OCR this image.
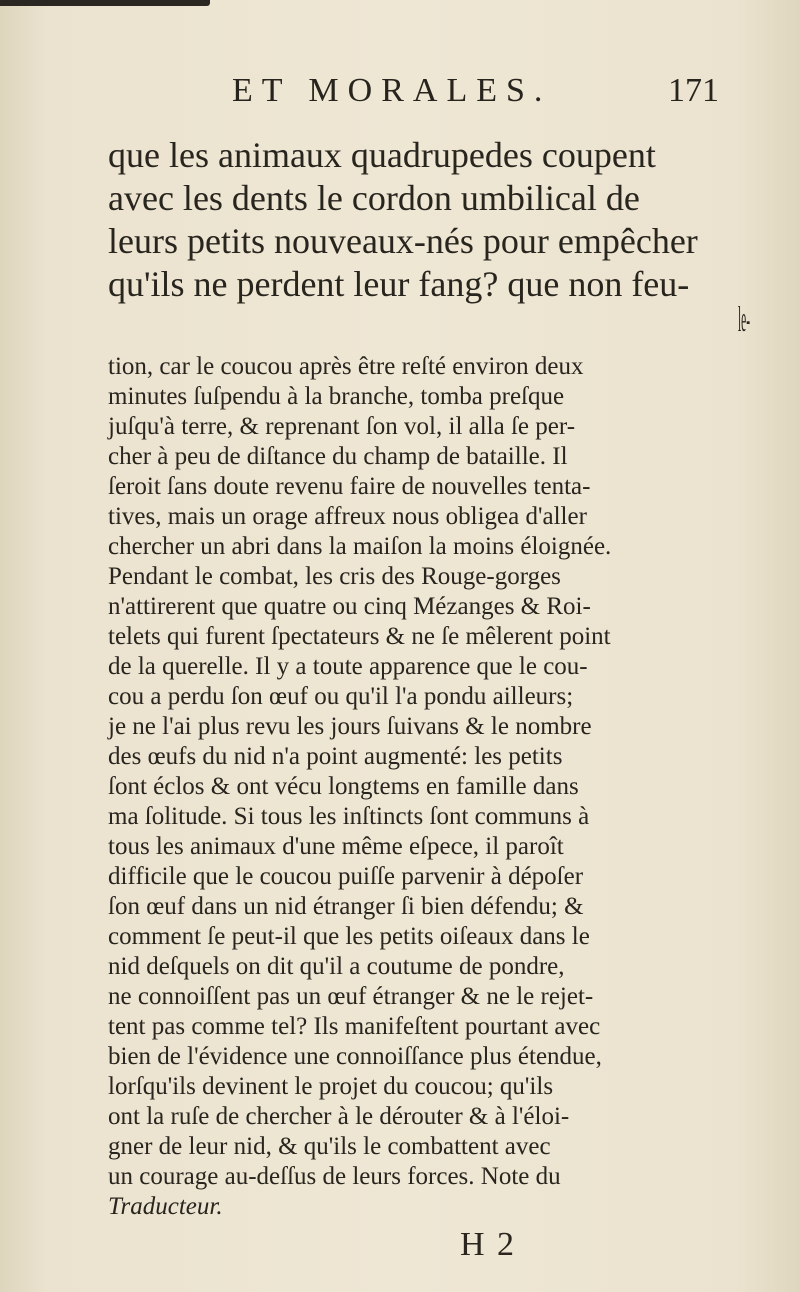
ET MORALES.	171
que les animaux quadrupedes coupent
avec les dents le cordon umbilical de
leurs petits nouveaux-nés pour empêcher
qu'ils ne perdent leur fang? que non feu-
le-
tion, car le coucou après être reſté environ deux
minutes ſuſpendu à la branche, tomba preſque
juſqu'à terre, & reprenant ſon vol, il alla ſe per-
cher à peu de diſtance du champ de bataille. Il
ſeroit ſans doute revenu faire de nouvelles tenta-
tives, mais un orage affreux nous obligea d'aller
chercher un abri dans la maiſon la moins éloignée.
Pendant le combat, les cris des Rouge-gorges
n'attirerent que quatre ou cinq Mézanges & Roi-
telets qui furent ſpectateurs & ne ſe mêlerent point
de la querelle. Il y a toute apparence que le cou-
cou a perdu ſon œuf ou qu'il l'a pondu ailleurs;
je ne l'ai plus revu les jours ſuivans & le nombre
des œufs du nid n'a point augmenté: les petits
ſont éclos & ont vécu longtems en famille dans
ma ſolitude. Si tous les inſtincts ſont communs à
tous les animaux d'une même eſpece, il paroît
difficile que le coucou puiſſe parvenir à dépoſer
ſon œuf dans un nid étranger ſi bien défendu; &
comment ſe peut-il que les petits oiſeaux dans le
nid deſquels on dit qu'il a coutume de pondre,
ne connoiſſent pas un œuf étranger & ne le rejet-
tent pas comme tel? Ils manifeſtent pourtant avec
bien de l'évidence une connoiſſance plus étendue,
lorſqu'ils devinent le projet du coucou; qu'ils
ont la ruſe de chercher à le dérouter & à l'éloi-
gner de leur nid, & qu'ils le combattent avec
un courage au-deſſus de leurs forces. Note du
Traducteur.
H 2
